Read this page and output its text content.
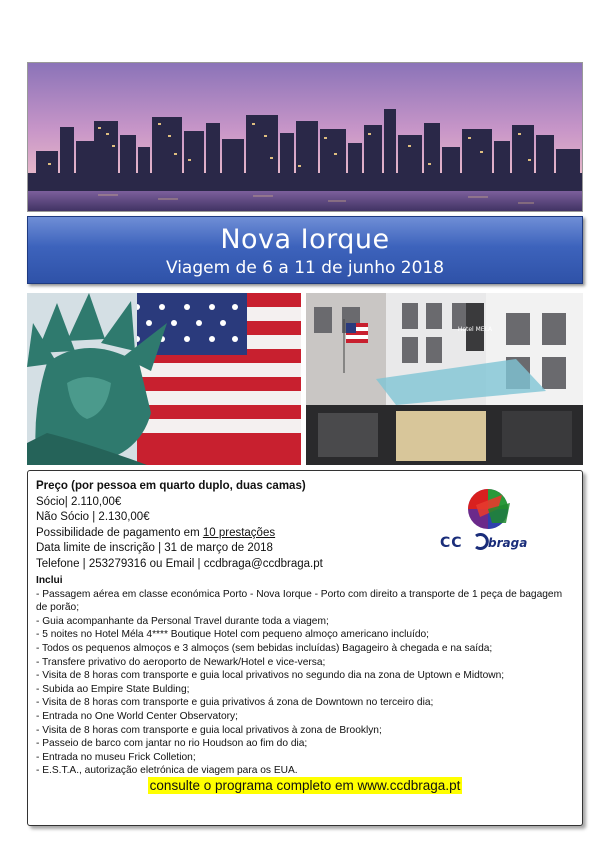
Nova Iorque
Viagem de 6 a 11 de junho 2018
Hotel MELA
Preço (por pessoa em quarto duplo, duas camas)
Sócio| 2.110,00€
Não Sócio | 2.130,00€
Possibilidade de pagamento em 10 prestações
Data limite de inscrição | 31 de março de 2018
Telefone | 253279316 ou Email | ccdbraga@ccdbraga.pt
CC braga
Inclui
- Passagem aérea em classe económica Porto - Nova Iorque - Porto com direito a transporte de 1 peça de bagagem de porão;
- Guia acompanhante da Personal Travel durante toda a viagem;
- 5 noites no Hotel Méla 4**** Boutique Hotel com pequeno almoço americano incluído;
- Todos os pequenos almoços e 3 almoços (sem bebidas incluídas) Bagageiro à chegada e na saída;
- Transfere privativo do aeroporto de Newark/Hotel e vice-versa;
- Visita de 8 horas com transporte e guia local privativos no segundo dia na zona de Uptown e Midtown;
- Subida ao Empire State Bulding;
- Visita de 8 horas com transporte e guia privativos á zona de Downtown no terceiro dia;
- Entrada no One World Center Observatory;
- Visita de 8 horas com transporte e guia local privativos à zona de Brooklyn;
- Passeio de barco com jantar no rio Houdson ao fim do dia;
- Entrada no museu Frick Colletion;
- E.S.T.A., autorização eletrónica de viagem para os EUA.
consulte o programa completo em www.ccdbraga.pt
